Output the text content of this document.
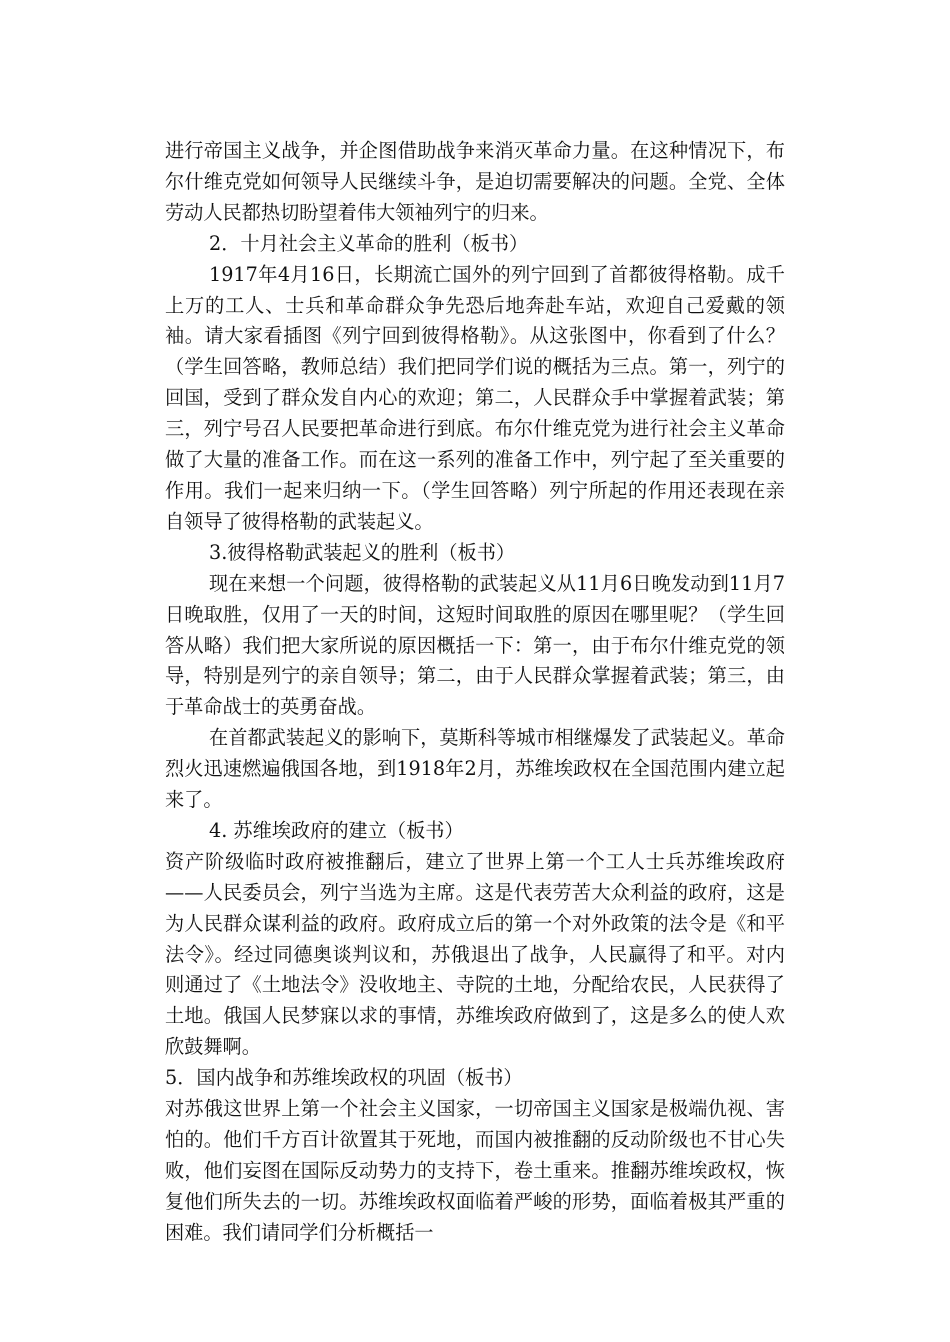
进行帝国主义战争，并企图借助战争来消灭革命力量。在这种情况下，布尔什维克党如何领导人民继续斗争，是迫切需要解决的问题。全党、全体劳动人民都热切盼望着伟大领袖列宁的归来。

2．十月社会主义革命的胜利（板书）

1917年4月16日，长期流亡国外的列宁回到了首都彼得格勒。成千上万的工人、士兵和革命群众争先恐后地奔赴车站，欢迎自己爱戴的领袖。请大家看插图《列宁回到彼得格勒》。从这张图中，你看到了什么？（学生回答略，教师总结）我们把同学们说的概括为三点。第一，列宁的回国，受到了群众发自内心的欢迎；第二，人民群众手中掌握着武装；第三，列宁号召人民要把革命进行到底。布尔什维克党为进行社会主义革命做了大量的准备工作。而在这一系列的准备工作中，列宁起了至关重要的作用。我们一起来归纳一下。（学生回答略）列宁所起的作用还表现在亲自领导了彼得格勒的武装起义。

3.彼得格勒武装起义的胜利（板书）

现在来想一个问题，彼得格勒的武装起义从11月6日晚发动到11月7日晚取胜，仅用了一天的时间，这短时间取胜的原因在哪里呢？（学生回答从略）我们把大家所说的原因概括一下：第一，由于布尔什维克党的领导，特别是列宁的亲自领导；第二，由于人民群众掌握着武装；第三，由于革命战士的英勇奋战。

在首都武装起义的影响下，莫斯科等城市相继爆发了武装起义。革命烈火迅速燃遍俄国各地，到1918年2月，苏维埃政权在全国范围内建立起来了。

4. 苏维埃政府的建立（板书）

资产阶级临时政府被推翻后，建立了世界上第一个工人士兵苏维埃政府——人民委员会，列宁当选为主席。这是代表劳苦大众利益的政府，这是为人民群众谋利益的政府。政府成立后的第一个对外政策的法令是《和平法令》。经过同德奥谈判议和，苏俄退出了战争，人民赢得了和平。对内则通过了《土地法令》没收地主、寺院的土地，分配给农民，人民获得了土地。俄国人民梦寐以求的事情，苏维埃政府做到了，这是多么的使人欢欣鼓舞啊。

5．国内战争和苏维埃政权的巩固（板书）

对苏俄这世界上第一个社会主义国家，一切帝国主义国家是极端仇视、害怕的。他们千方百计欲置其于死地，而国内被推翻的反动阶级也不甘心失败，他们妄图在国际反动势力的支持下，卷土重来。推翻苏维埃政权，恢复他们所失去的一切。苏维埃政权面临着严峻的形势，面临着极其严重的困难。我们请同学们分析概括一
